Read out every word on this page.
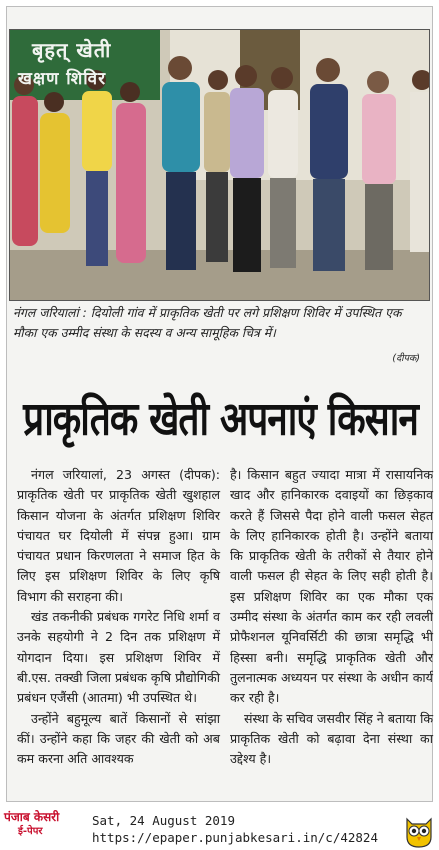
बृहत् खेती
खक्षण शिविर
नंगल जरियालां : दियोली गांव में प्राकृतिक खेती पर लगे प्रशिक्षण शिविर में उपस्थित एक मौका एक उम्मीद संस्था के सदस्य व अन्य सामूहिक चित्र में।
(दीपक)
प्राकृतिक खेती अपनाएं किसान

नंगल जरियालां, 23 अगस्त (दीपक): प्राकृतिक खेती पर प्राकृतिक खेती खुशहाल किसान योजना के अंतर्गत प्रशिक्षण शिविर पंचायत घर दियोली में संपन्न हुआ। ग्राम पंचायत प्रधान किरणलता ने समाज हित के लिए इस प्रशिक्षण शिविर के लिए कृषि विभाग की सराहना की।

खंड तकनीकी प्रबंधक गगरेट निधि शर्मा व उनके सहयोगी ने 2 दिन तक प्रशिक्षण में योगदान दिया। इस प्रशिक्षण शिविर में बी.एस. तक्खी जिला प्रबंधक कृषि प्रौद्योगिकी प्रबंधन एजैंसी (आतमा) भी उपस्थित थे।

उन्होंने बहुमूल्य बातें किसानों से सांझा कीं। उन्होंने कहा कि जहर की खेती को अब कम करना अति आवश्यक

है। किसान बहुत ज्यादा मात्रा में रासायनिक खाद और हानिकारक दवाइयों का छिड़काव करते हैं जिससे पैदा होने वाली फसल सेहत के लिए हानिकारक होती है। उन्होंने बताया कि प्राकृतिक खेती के तरीकों से तैयार होने वाली फसल ही सेहत के लिए सही होती है। इस प्रशिक्षण शिविर का एक मौका एक उम्मीद संस्था के अंतर्गत काम कर रही लवली प्रोफैशनल यूनिवर्सिटी की छात्रा समृद्धि भी हिस्सा बनी। समृद्धि प्राकृतिक खेती और तुलनात्मक अध्ययन पर संस्था के अधीन कार्य कर रही है।

संस्था के सचिव जसवीर सिंह ने बताया कि प्राकृतिक खेती को बढ़ावा देना संस्था का उद्देश्य है।

पंजाब केसरी
ई-पेपर
Sat, 24 August 2019
https://epaper.punjabkesari.in/c/42824
